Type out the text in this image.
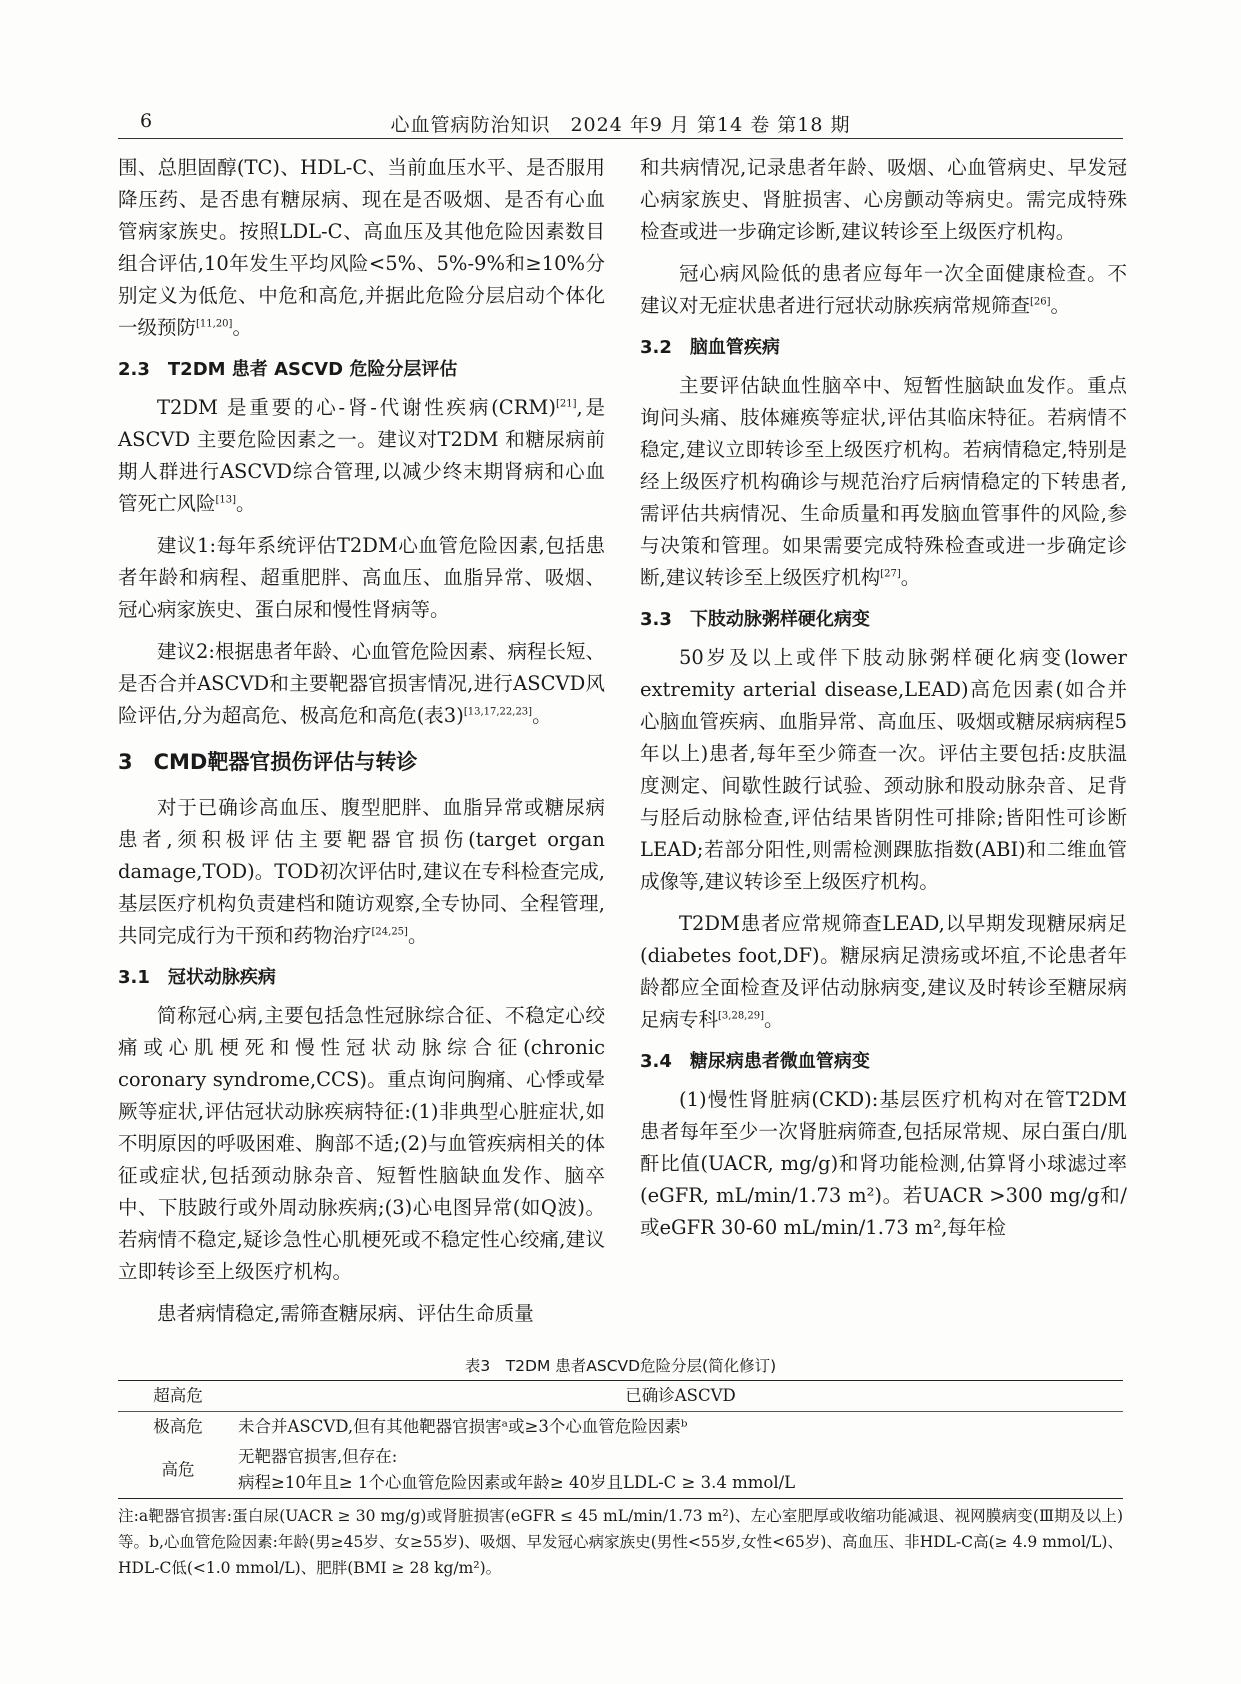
6	心血管病防治知识　2024 年9 月 第14 卷 第18 期

围、总胆固醇(TC)、HDL-C、当前血压水平、是否服用降压药、是否患有糖尿病、现在是否吸烟、是否有心血管病家族史。按照LDL-C、高血压及其他危险因素数目组合评估,10年发生平均风险<5%、5%-9%和≥10%分别定义为低危、中危和高危,并据此危险分层启动个体化一级预防[11,20]。

2.3　T2DM 患者 ASCVD 危险分层评估

T2DM 是重要的心-肾-代谢性疾病(CRM)[21],是ASCVD 主要危险因素之一。建议对T2DM 和糖尿病前期人群进行ASCVD综合管理,以减少终末期肾病和心血管死亡风险[13]。

建议1:每年系统评估T2DM心血管危险因素,包括患者年龄和病程、超重肥胖、高血压、血脂异常、吸烟、冠心病家族史、蛋白尿和慢性肾病等。

建议2:根据患者年龄、心血管危险因素、病程长短、是否合并ASCVD和主要靶器官损害情况,进行ASCVD风险评估,分为超高危、极高危和高危(表3)[13,17,22,23]。

3　CMD靶器官损伤评估与转诊

对于已确诊高血压、腹型肥胖、血脂异常或糖尿病患者,须积极评估主要靶器官损伤(target organ damage,TOD)。TOD初次评估时,建议在专科检查完成,基层医疗机构负责建档和随访观察,全专协同、全程管理,共同完成行为干预和药物治疗[24,25]。

3.1　冠状动脉疾病

简称冠心病,主要包括急性冠脉综合征、不稳定心绞痛或心肌梗死和慢性冠状动脉综合征(chronic coronary syndrome,CCS)。重点询问胸痛、心悸或晕厥等症状,评估冠状动脉疾病特征:(1)非典型心脏症状,如不明原因的呼吸困难、胸部不适;(2)与血管疾病相关的体征或症状,包括颈动脉杂音、短暂性脑缺血发作、脑卒中、下肢跛行或外周动脉疾病;(3)心电图异常(如Q波)。若病情不稳定,疑诊急性心肌梗死或不稳定性心绞痛,建议立即转诊至上级医疗机构。

患者病情稳定,需筛查糖尿病、评估生命质量

和共病情况,记录患者年龄、吸烟、心血管病史、早发冠心病家族史、肾脏损害、心房颤动等病史。需完成特殊检查或进一步确定诊断,建议转诊至上级医疗机构。

冠心病风险低的患者应每年一次全面健康检查。不建议对无症状患者进行冠状动脉疾病常规筛查[26]。

3.2　脑血管疾病

主要评估缺血性脑卒中、短暂性脑缺血发作。重点询问头痛、肢体瘫痪等症状,评估其临床特征。若病情不稳定,建议立即转诊至上级医疗机构。若病情稳定,特别是经上级医疗机构确诊与规范治疗后病情稳定的下转患者,需评估共病情况、生命质量和再发脑血管事件的风险,参与决策和管理。如果需要完成特殊检查或进一步确定诊断,建议转诊至上级医疗机构[27]。

3.3　下肢动脉粥样硬化病变

50岁及以上或伴下肢动脉粥样硬化病变(lower extremity arterial disease,LEAD)高危因素(如合并心脑血管疾病、血脂异常、高血压、吸烟或糖尿病病程5年以上)患者,每年至少筛查一次。评估主要包括:皮肤温度测定、间歇性跛行试验、颈动脉和股动脉杂音、足背与胫后动脉检查,评估结果皆阴性可排除;皆阳性可诊断LEAD;若部分阳性,则需检测踝肱指数(ABI)和二维血管成像等,建议转诊至上级医疗机构。

T2DM患者应常规筛查LEAD,以早期发现糖尿病足(diabetes foot,DF)。糖尿病足溃疡或坏疽,不论患者年龄都应全面检查及评估动脉病变,建议及时转诊至糖尿病足病专科[3,28,29]。

3.4　糖尿病患者微血管病变

(1)慢性肾脏病(CKD):基层医疗机构对在管T2DM患者每年至少一次肾脏病筛查,包括尿常规、尿白蛋白/肌酐比值(UACR, mg/g)和肾功能检测,估算肾小球滤过率(eGFR, mL/min/1.73 m²)。若UACR >300 mg/g和/或eGFR 30-60 mL/min/1.73 m²,每年检

表3　T2DM 患者ASCVD危险分层(简化修订)
超高危	已确诊ASCVD
极高危	未合并ASCVD,但有其他靶器官损害ᵃ或≥3个心血管危险因素ᵇ
高危	无靶器官损害,但存在:
病程≥10年且≥ 1个心血管危险因素或年龄≥ 40岁且LDL-C ≥ 3.4 mmol/L
注:a靶器官损害:蛋白尿(UACR ≥ 30 mg/g)或肾脏损害(eGFR ≤ 45 mL/min/1.73 m²)、左心室肥厚或收缩功能减退、视网膜病变(Ⅲ期及以上)等。b,心血管危险因素:年龄(男≥45岁、女≥55岁)、吸烟、早发冠心病家族史(男性<55岁,女性<65岁)、高血压、非HDL-C高(≥ 4.9 mmol/L)、HDL-C低(<1.0 mmol/L)、肥胖(BMI ≥ 28 kg/m²)。
